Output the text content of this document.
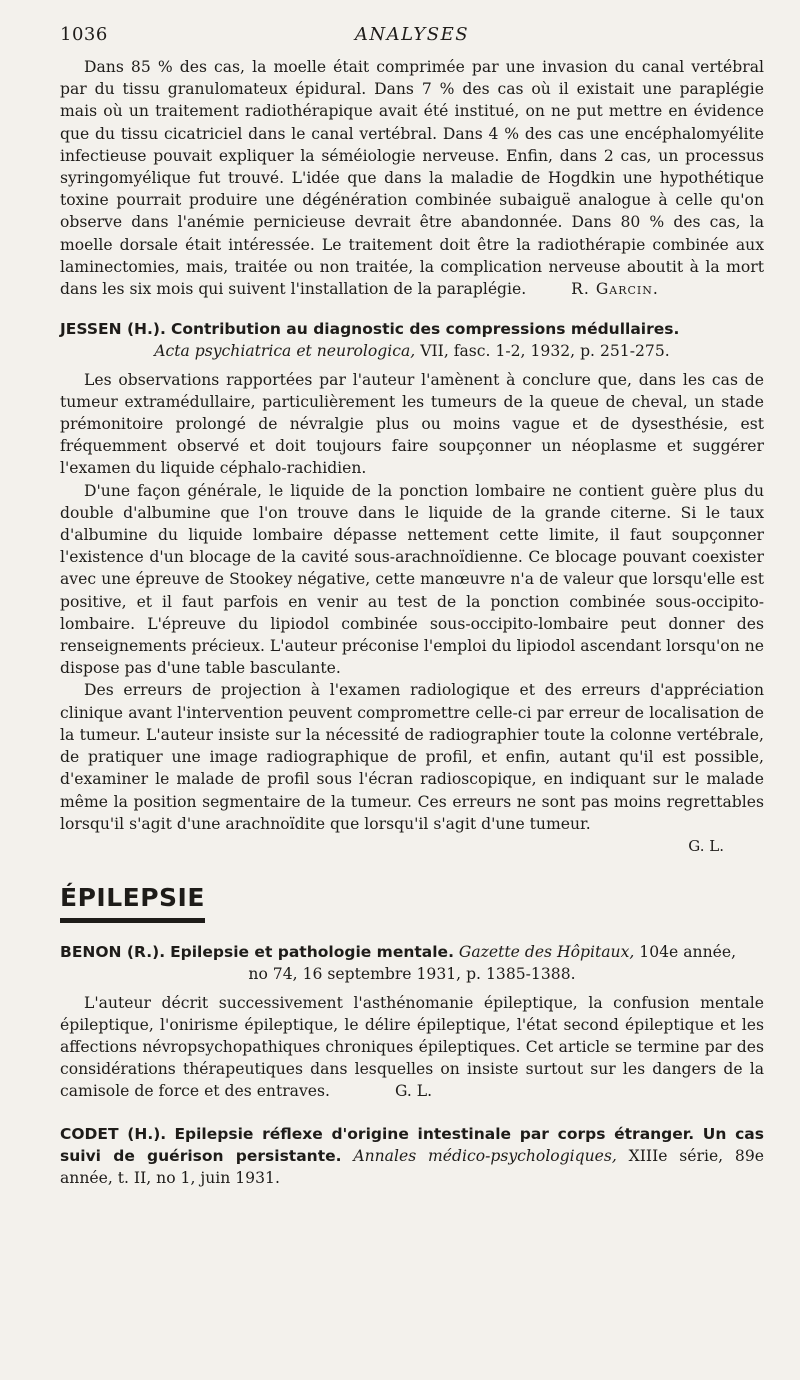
1036	ANALYSES

Dans 85 % des cas, la moelle était comprimée par une invasion du canal vertébral par du tissu granulomateux épidural. Dans 7 % des cas où il existait une paraplégie mais où un traitement radiothérapique avait été institué, on ne put mettre en évidence que du tissu cicatriciel dans le canal vertébral. Dans 4 % des cas une encéphalomyélite infectieuse pouvait expliquer la séméiologie nerveuse. Enfin, dans 2 cas, un processus syringomyélique fut trouvé. L'idée que dans la maladie de Hogdkin une hypothétique toxine pourrait produire une dégénération combinée subaiguë analogue à celle qu'on observe dans l'anémie pernicieuse devrait être abandonnée. Dans 80 % des cas, la moelle dorsale était intéressée. Le traitement doit être la radiothérapie combinée aux laminectomies, mais, traitée ou non traitée, la complication nerveuse aboutit à la mort dans les six mois qui suivent l'installation de la paraplégie.	R. Garcin.

JESSEN (H.). Contribution au diagnostic des compressions médullaires.

Acta psychiatrica et neurologica, VII, fasc. 1-2, 1932, p. 251-275.

Les observations rapportées par l'auteur l'amènent à conclure que, dans les cas de tumeur extramédullaire, particulièrement les tumeurs de la queue de cheval, un stade prémonitoire prolongé de névralgie plus ou moins vague et de dysesthésie, est fréquemment observé et doit toujours faire soupçonner un néoplasme et suggérer l'examen du liquide céphalo-rachidien.

D'une façon générale, le liquide de la ponction lombaire ne contient guère plus du double d'albumine que l'on trouve dans le liquide de la grande citerne. Si le taux d'albumine du liquide lombaire dépasse nettement cette limite, il faut soupçonner l'existence d'un blocage de la cavité sous-arachnoïdienne. Ce blocage pouvant coexister avec une épreuve de Stookey négative, cette manœuvre n'a de valeur que lorsqu'elle est positive, et il faut parfois en venir au test de la ponction combinée sous-occipito-lombaire. L'épreuve du lipiodol combinée sous-occipito-lombaire peut donner des renseignements précieux. L'auteur préconise l'emploi du lipiodol ascendant lorsqu'on ne dispose pas d'une table basculante.

Des erreurs de projection à l'examen radiologique et des erreurs d'appréciation clinique avant l'intervention peuvent compromettre celle-ci par erreur de localisation de la tumeur. L'auteur insiste sur la nécessité de radiographier toute la colonne vertébrale, de pratiquer une image radiographique de profil, et enfin, autant qu'il est possible, d'examiner le malade de profil sous l'écran radioscopique, en indiquant sur le malade même la position segmentaire de la tumeur. Ces erreurs ne sont pas moins regrettables lorsqu'il s'agit d'une arachnoïdite que lorsqu'il s'agit d'une tumeur.

G. L.

ÉPILEPSIE

BENON (R.). Epilepsie et pathologie mentale. Gazette des Hôpitaux, 104e année,

no 74, 16 septembre 1931, p. 1385-1388.

L'auteur décrit successivement l'asthénomanie épileptique, la confusion mentale épileptique, l'onirisme épileptique, le délire épileptique, l'état second épileptique et les affections névropsychopathiques chroniques épileptiques. Cet article se termine par des considérations thérapeutiques dans lesquelles on insiste surtout sur les dangers de la camisole de force et des entraves.	G. L.

CODET (H.). Epilepsie réflexe d'origine intestinale par corps étranger. Un cas suivi de guérison persistante. Annales médico-psychologiques, XIIIe série, 89e année, t. II, no 1, juin 1931.
